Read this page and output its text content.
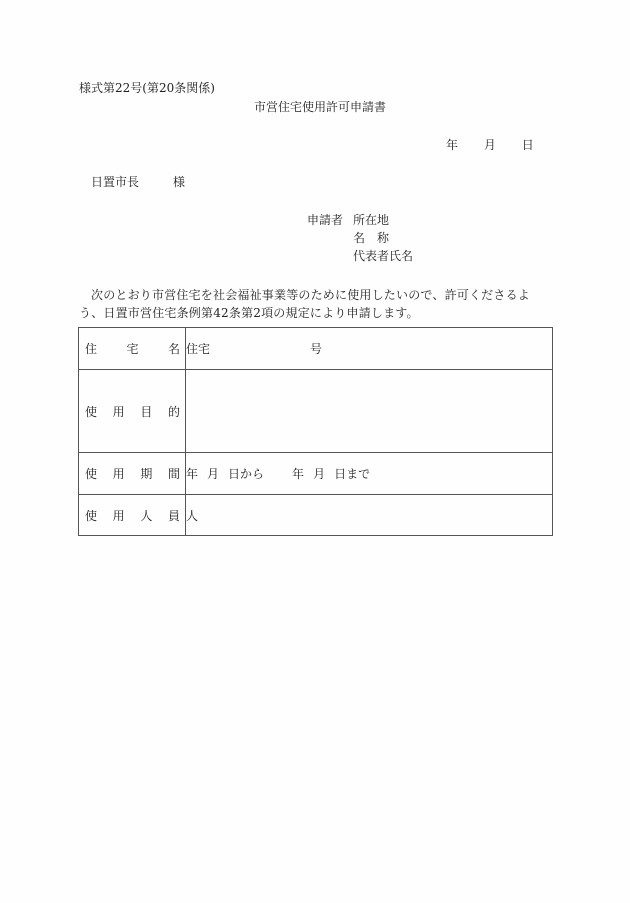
様式第22号(第20条関係)
市営住宅使用許可申請書
年 月 日
日置市長	様
申請者 所在地
名　称
代表者氏名
次のとおり市営住宅を社会福祉事業等のために使用したいので、許可くださるよう、日置市営住宅条例第42条第2項の規定により申請します。
住 宅 名	住宅 号

使 用 目 的	

使 用 期 間	年 月 日から 年 月 日まで

使 用 人 員	人
